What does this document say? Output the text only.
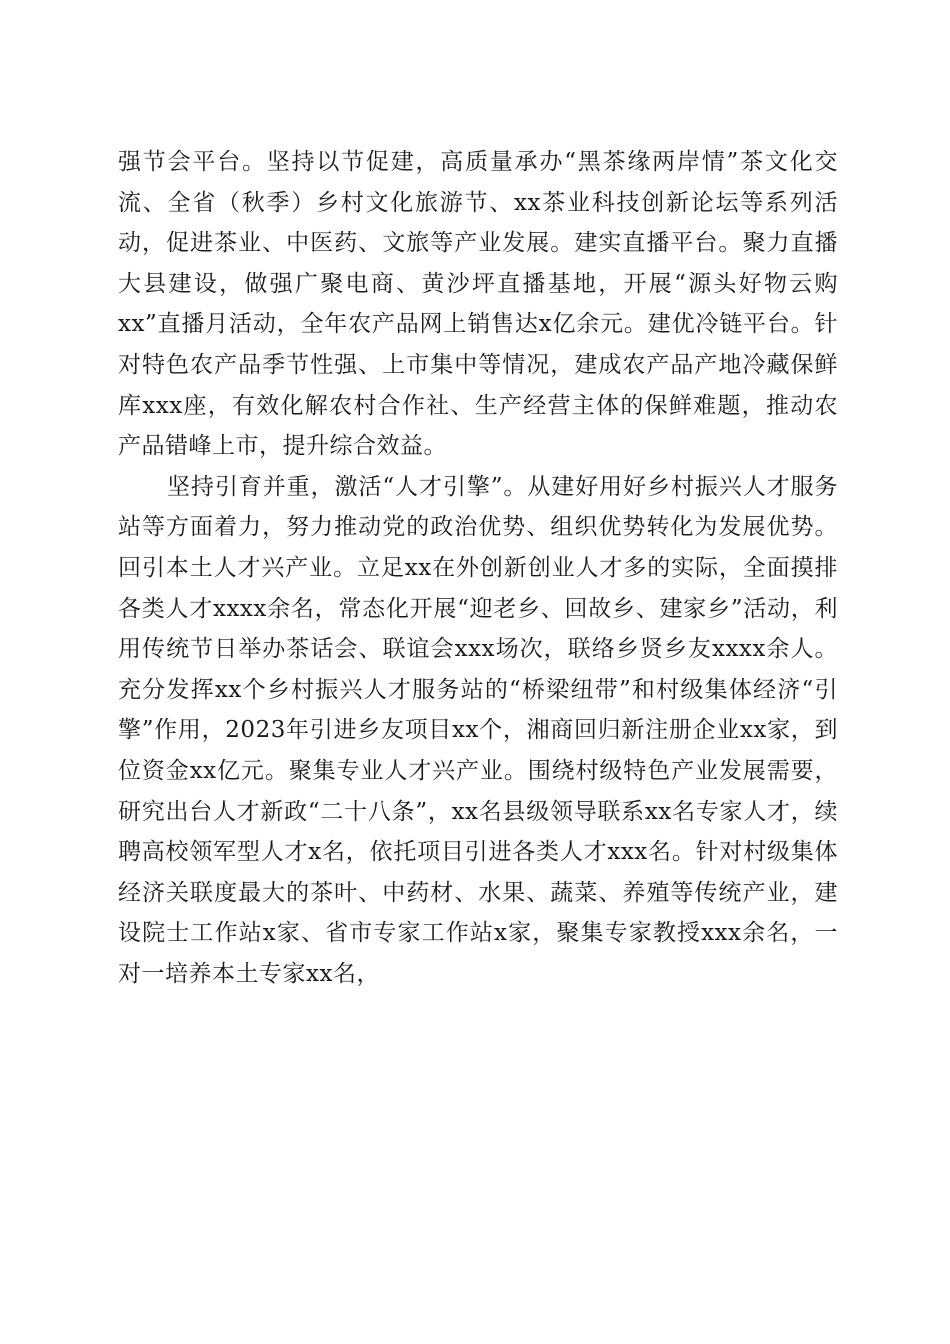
强节会平台。坚持以节促建，高质量承办“黑茶缘两岸情”茶文化交流、全省（秋季）乡村文化旅游节、xx茶业科技创新论坛等系列活动，促进茶业、中医药、文旅等产业发展。建实直播平台。聚力直播大县建设，做强广聚电商、黄沙坪直播基地，开展“源头好物云购xx”直播月活动，全年农产品网上销售达x亿余元。建优冷链平台。针对特色农产品季节性强、上市集中等情况，建成农产品产地冷藏保鲜库xxx座，有效化解农村合作社、生产经营主体的保鲜难题，推动农产品错峰上市，提升综合效益。

坚持引育并重，激活“人才引擎”。从建好用好乡村振兴人才服务站等方面着力，努力推动党的政治优势、组织优势转化为发展优势。回引本土人才兴产业。立足xx在外创新创业人才多的实际，全面摸排各类人才xxxx余名，常态化开展“迎老乡、回故乡、建家乡”活动，利用传统节日举办茶话会、联谊会xxx场次，联络乡贤乡友xxxx余人。充分发挥xx个乡村振兴人才服务站的“桥梁纽带”和村级集体经济“引擎”作用，2023年引进乡友项目xx个，湘商回归新注册企业xx家，到位资金xx亿元。聚集专业人才兴产业。围绕村级特色产业发展需要，研究出台人才新政“二十八条”，xx名县级领导联系xx名专家人才，续聘高校领军型人才x名，依托项目引进各类人才xxx名。针对村级集体经济关联度最大的茶叶、中药材、水果、蔬菜、养殖等传统产业，建设院士工作站x家、省市专家工作站x家，聚集专家教授xxx余名，一对一培养本土专家xx名，
